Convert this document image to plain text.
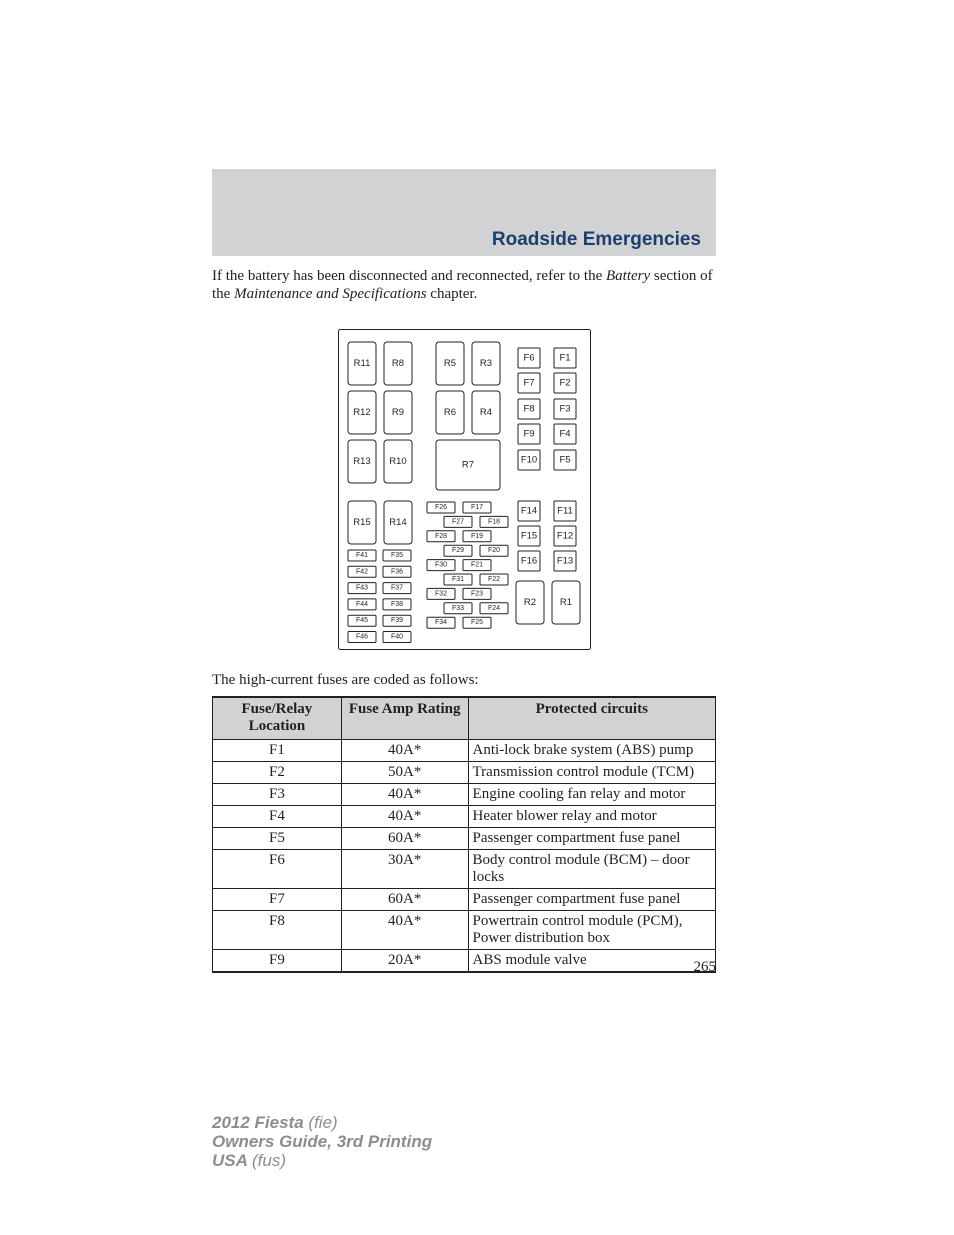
Roadside Emergencies

If the battery has been disconnected and reconnected, refer to the Battery section of the Maintenance and Specifications chapter.

R11 R8	R5	R3
R12 R9	R6	R4
R13 R10	R7
R15 R14
R2	R1
F6	F1
F7	F2
F8	F3
F9	F4
F10 F5
F14 F11
F15 F12
F16 F13
F26	F17
F27	F18
F28	F19
F29	F20
F30	F21
F31	F22
F32	F23
F33	F24
F34	F25
F41	F35
F42	F36
F43	F37
F44	F38
F45	F39
F46	F40

The high-current fuses are coded as follows:

Fuse/Relay Location	Fuse Amp Rating	Protected circuits
F1	40A*	Anti-lock brake system (ABS) pump
F2	50A*	Transmission control module (TCM)
F3	40A*	Engine cooling fan relay and motor
F4	40A*	Heater blower relay and motor
F5	60A*	Passenger compartment fuse panel
F6	30A*	Body control module (BCM) – door locks
F7	60A*	Passenger compartment fuse panel
F8	40A*	Powertrain control module (PCM), Power distribution box
F9	20A*	ABS module valve	265

2012 Fiesta (fie)
Owners Guide, 3rd Printing
USA (fus)
